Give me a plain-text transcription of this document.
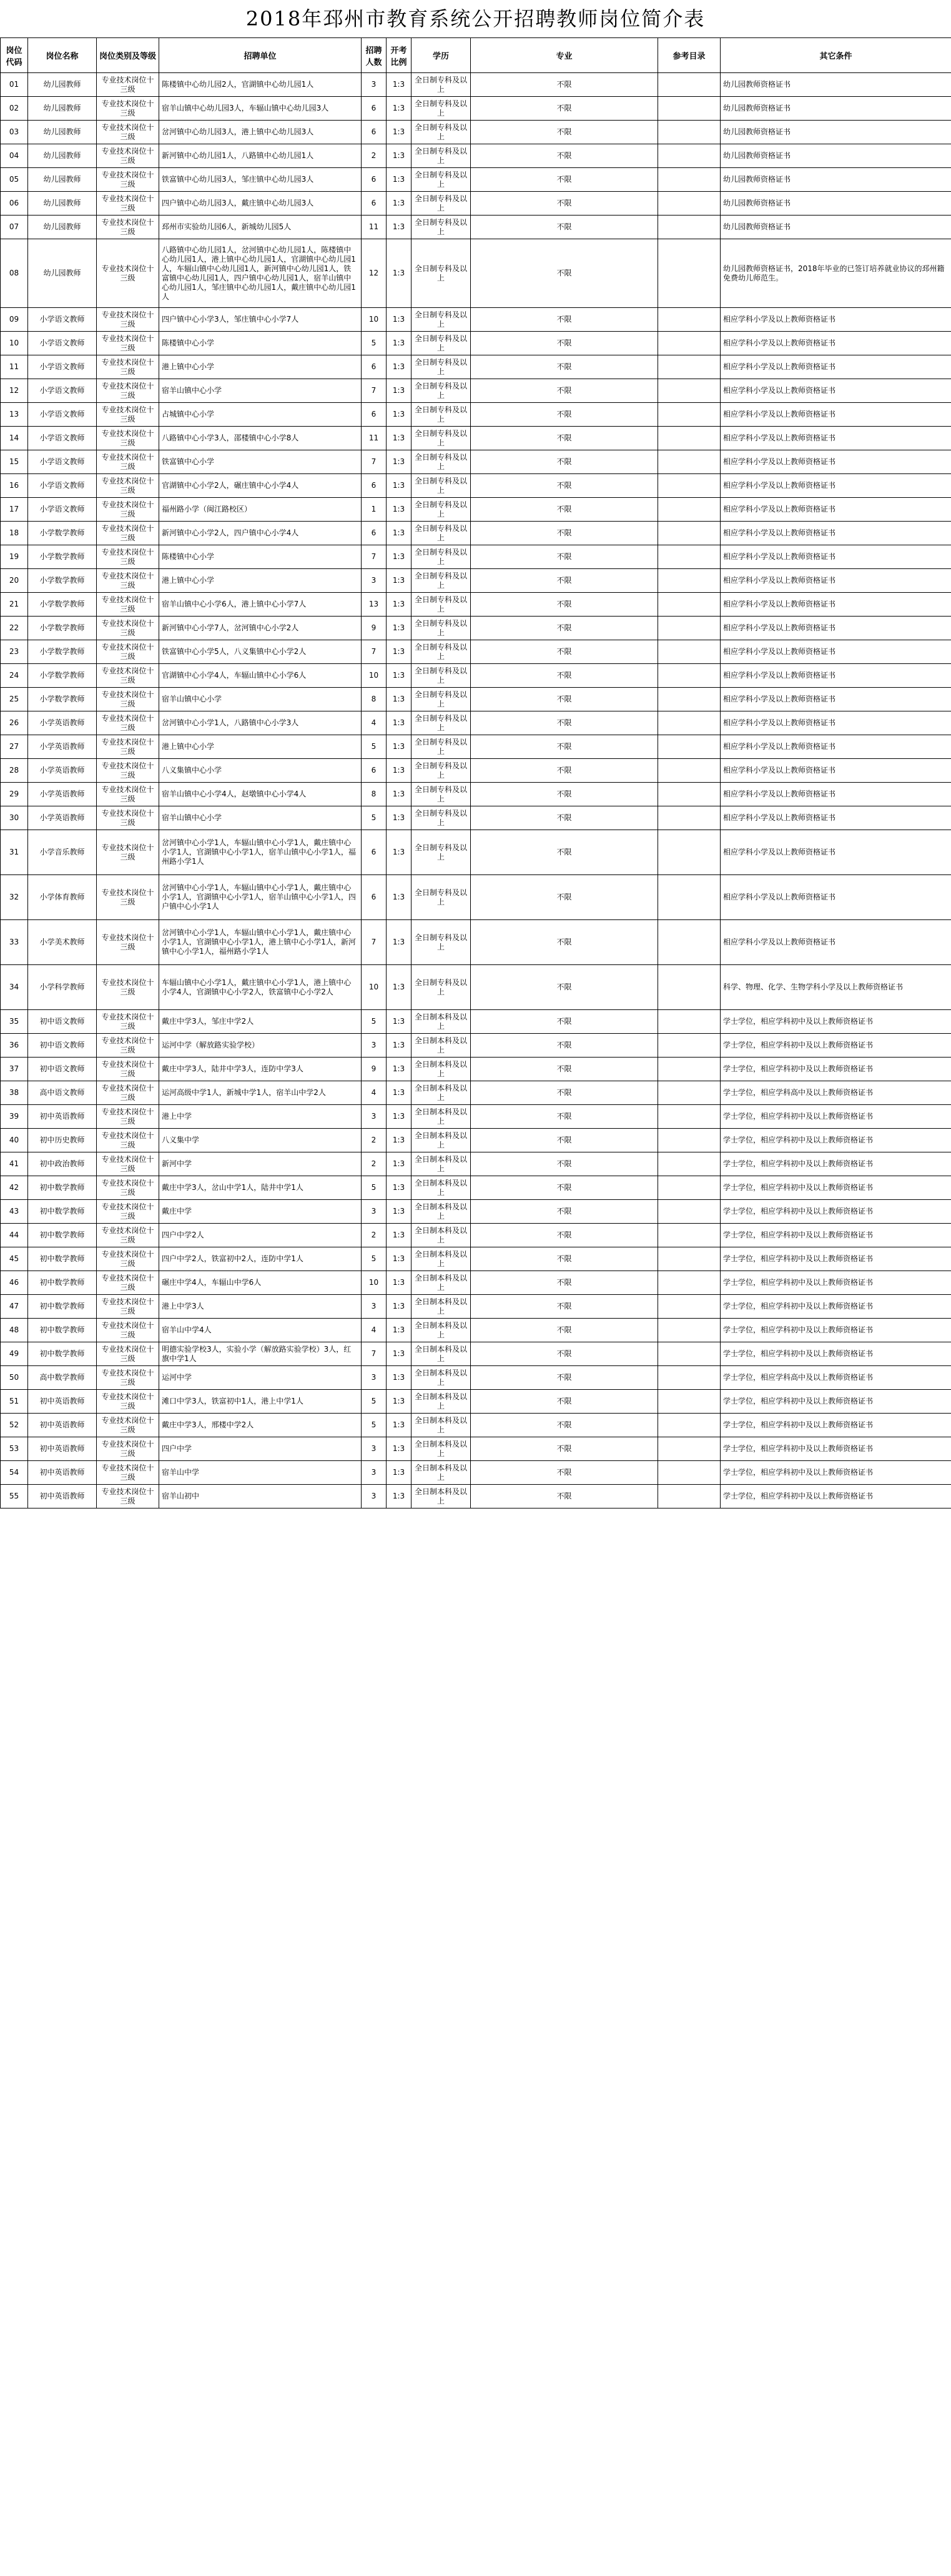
2018年邳州市教育系统公开招聘教师岗位简介表
岗位代码	岗位名称	岗位类别及等级	招聘单位	招聘人数	开考比例	学历	专业	参考目录	其它条件
01	幼儿园教师	专业技术岗位十三级	陈楼镇中心幼儿园2人，官湖镇中心幼儿园1人	3	1:3	全日制专科及以上	不限		幼儿园教师资格证书
02	幼儿园教师	专业技术岗位十三级	宿羊山镇中心幼儿园3人，车辐山镇中心幼儿园3人	6	1:3	全日制专科及以上	不限		幼儿园教师资格证书
03	幼儿园教师	专业技术岗位十三级	岔河镇中心幼儿园3人，港上镇中心幼儿园3人	6	1:3	全日制专科及以上	不限		幼儿园教师资格证书
04	幼儿园教师	专业技术岗位十三级	新河镇中心幼儿园1人，八路镇中心幼儿园1人	2	1:3	全日制专科及以上	不限		幼儿园教师资格证书
05	幼儿园教师	专业技术岗位十三级	铁富镇中心幼儿园3人，邹庄镇中心幼儿园3人	6	1:3	全日制专科及以上	不限		幼儿园教师资格证书
06	幼儿园教师	专业技术岗位十三级	四户镇中心幼儿园3人，戴庄镇中心幼儿园3人	6	1:3	全日制专科及以上	不限		幼儿园教师资格证书
07	幼儿园教师	专业技术岗位十三级	邳州市实验幼儿园6人，新城幼儿园5人	11	1:3	全日制专科及以上	不限		幼儿园教师资格证书
08	幼儿园教师	专业技术岗位十三级	八路镇中心幼儿园1人，岔河镇中心幼儿园1人，陈楼镇中心幼儿园1人，港上镇中心幼儿园1人，官湖镇中心幼儿园1人，车辐山镇中心幼儿园1人，新河镇中心幼儿园1人，铁富镇中心幼儿园1人，四户镇中心幼儿园1人，宿羊山镇中心幼儿园1人，邹庄镇中心幼儿园1人，戴庄镇中心幼儿园1人	12	1:3	全日制专科及以上	不限		幼儿园教师资格证书，2018年毕业的已签订培养就业协议的邳州籍免费幼儿师范生。
09	小学语文教师	专业技术岗位十三级	四户镇中心小学3人，邹庄镇中心小学7人	10	1:3	全日制专科及以上	不限		相应学科小学及以上教师资格证书
10	小学语文教师	专业技术岗位十三级	陈楼镇中心小学	5	1:3	全日制专科及以上	不限		相应学科小学及以上教师资格证书
11	小学语文教师	专业技术岗位十三级	港上镇中心小学	6	1:3	全日制专科及以上	不限		相应学科小学及以上教师资格证书
12	小学语文教师	专业技术岗位十三级	宿羊山镇中心小学	7	1:3	全日制专科及以上	不限		相应学科小学及以上教师资格证书
13	小学语文教师	专业技术岗位十三级	占城镇中心小学	6	1:3	全日制专科及以上	不限		相应学科小学及以上教师资格证书
14	小学语文教师	专业技术岗位十三级	八路镇中心小学3人，邵楼镇中心小学8人	11	1:3	全日制专科及以上	不限		相应学科小学及以上教师资格证书
15	小学语文教师	专业技术岗位十三级	铁富镇中心小学	7	1:3	全日制专科及以上	不限		相应学科小学及以上教师资格证书
16	小学语文教师	专业技术岗位十三级	官湖镇中心小学2人，碾庄镇中心小学4人	6	1:3	全日制专科及以上	不限		相应学科小学及以上教师资格证书
17	小学语文教师	专业技术岗位十三级	福州路小学（闽江路校区）	1	1:3	全日制专科及以上	不限		相应学科小学及以上教师资格证书
18	小学数学教师	专业技术岗位十三级	新河镇中心小学2人，四户镇中心小学4人	6	1:3	全日制专科及以上	不限		相应学科小学及以上教师资格证书
19	小学数学教师	专业技术岗位十三级	陈楼镇中心小学	7	1:3	全日制专科及以上	不限		相应学科小学及以上教师资格证书
20	小学数学教师	专业技术岗位十三级	港上镇中心小学	3	1:3	全日制专科及以上	不限		相应学科小学及以上教师资格证书
21	小学数学教师	专业技术岗位十三级	宿羊山镇中心小学6人，港上镇中心小学7人	13	1:3	全日制专科及以上	不限		相应学科小学及以上教师资格证书
22	小学数学教师	专业技术岗位十三级	新河镇中心小学7人，岔河镇中心小学2人	9	1:3	全日制专科及以上	不限		相应学科小学及以上教师资格证书
23	小学数学教师	专业技术岗位十三级	铁富镇中心小学5人，八义集镇中心小学2人	7	1:3	全日制专科及以上	不限		相应学科小学及以上教师资格证书
24	小学数学教师	专业技术岗位十三级	官湖镇中心小学4人，车辐山镇中心小学6人	10	1:3	全日制专科及以上	不限		相应学科小学及以上教师资格证书
25	小学数学教师	专业技术岗位十三级	宿羊山镇中心小学	8	1:3	全日制专科及以上	不限		相应学科小学及以上教师资格证书
26	小学英语教师	专业技术岗位十三级	岔河镇中心小学1人，八路镇中心小学3人	4	1:3	全日制专科及以上	不限		相应学科小学及以上教师资格证书
27	小学英语教师	专业技术岗位十三级	港上镇中心小学	5	1:3	全日制专科及以上	不限		相应学科小学及以上教师资格证书
28	小学英语教师	专业技术岗位十三级	八义集镇中心小学	6	1:3	全日制专科及以上	不限		相应学科小学及以上教师资格证书
29	小学英语教师	专业技术岗位十三级	宿羊山镇中心小学4人，赵墩镇中心小学4人	8	1:3	全日制专科及以上	不限		相应学科小学及以上教师资格证书
30	小学英语教师	专业技术岗位十三级	宿羊山镇中心小学	5	1:3	全日制专科及以上	不限		相应学科小学及以上教师资格证书
31	小学音乐教师	专业技术岗位十三级	岔河镇中心小学1人，车辐山镇中心小学1人，戴庄镇中心小学1人，官湖镇中心小学1人，宿羊山镇中心小学1人，福州路小学1人	6	1:3	全日制专科及以上	不限		相应学科小学及以上教师资格证书
32	小学体育教师	专业技术岗位十三级	岔河镇中心小学1人，车辐山镇中心小学1人，戴庄镇中心小学1人，官湖镇中心小学1人，宿羊山镇中心小学1人，四户镇中心小学1人	6	1:3	全日制专科及以上	不限		相应学科小学及以上教师资格证书
33	小学美术教师	专业技术岗位十三级	岔河镇中心小学1人，车辐山镇中心小学1人，戴庄镇中心小学1人，官湖镇中心小学1人，港上镇中心小学1人，新河镇中心小学1人，福州路小学1人	7	1:3	全日制专科及以上	不限		相应学科小学及以上教师资格证书
34	小学科学教师	专业技术岗位十三级	车辐山镇中心小学1人，戴庄镇中心小学1人，港上镇中心小学4人，官湖镇中心小学2人，铁富镇中心小学2人	10	1:3	全日制专科及以上	不限		科学、物理、化学、生物学科小学及以上教师资格证书
35	初中语文教师	专业技术岗位十三级	戴庄中学3人，邹庄中学2人	5	1:3	全日制本科及以上	不限		学士学位，相应学科初中及以上教师资格证书
36	初中语文教师	专业技术岗位十三级	运河中学（解放路实验学校）	3	1:3	全日制本科及以上	不限		学士学位，相应学科初中及以上教师资格证书
37	初中语文教师	专业技术岗位十三级	戴庄中学3人，陆井中学3人，连防中学3人	9	1:3	全日制本科及以上	不限		学士学位，相应学科初中及以上教师资格证书
38	高中语文教师	专业技术岗位十三级	运河高级中学1人，新城中学1人，宿羊山中学2人	4	1:3	全日制本科及以上	不限		学士学位，相应学科高中及以上教师资格证书
39	初中英语教师	专业技术岗位十三级	港上中学	3	1:3	全日制本科及以上	不限		学士学位，相应学科初中及以上教师资格证书
40	初中历史教师	专业技术岗位十三级	八义集中学	2	1:3	全日制本科及以上	不限		学士学位，相应学科初中及以上教师资格证书
41	初中政治教师	专业技术岗位十三级	新河中学	2	1:3	全日制本科及以上	不限		学士学位，相应学科初中及以上教师资格证书
42	初中数学教师	专业技术岗位十三级	戴庄中学3人，岔山中学1人，陆井中学1人	5	1:3	全日制本科及以上	不限		学士学位，相应学科初中及以上教师资格证书
43	初中数学教师	专业技术岗位十三级	戴庄中学	3	1:3	全日制本科及以上	不限		学士学位，相应学科初中及以上教师资格证书
44	初中数学教师	专业技术岗位十三级	四户中学2人	2	1:3	全日制本科及以上	不限		学士学位，相应学科初中及以上教师资格证书
45	初中数学教师	专业技术岗位十三级	四户中学2人，铁富初中2人，连防中学1人	5	1:3	全日制本科及以上	不限		学士学位，相应学科初中及以上教师资格证书
46	初中数学教师	专业技术岗位十三级	碾庄中学4人，车辐山中学6人	10	1:3	全日制本科及以上	不限		学士学位，相应学科初中及以上教师资格证书
47	初中数学教师	专业技术岗位十三级	港上中学3人	3	1:3	全日制本科及以上	不限		学士学位，相应学科初中及以上教师资格证书
48	初中数学教师	专业技术岗位十三级	宿羊山中学4人	4	1:3	全日制本科及以上	不限		学士学位，相应学科初中及以上教师资格证书
49	初中数学教师	专业技术岗位十三级	明德实验学校3人，实验小学（解放路实验学校）3人，红旗中学1人	7	1:3	全日制本科及以上	不限		学士学位，相应学科初中及以上教师资格证书
50	高中数学教师	专业技术岗位十三级	运河中学	3	1:3	全日制本科及以上	不限		学士学位，相应学科高中及以上教师资格证书
51	初中英语教师	专业技术岗位十三级	滩口中学3人，铁富初中1人，港上中学1人	5	1:3	全日制本科及以上	不限		学士学位，相应学科初中及以上教师资格证书
52	初中英语教师	专业技术岗位十三级	戴庄中学3人，邢楼中学2人	5	1:3	全日制本科及以上	不限		学士学位，相应学科初中及以上教师资格证书
53	初中英语教师	专业技术岗位十三级	四户中学	3	1:3	全日制本科及以上	不限		学士学位，相应学科初中及以上教师资格证书
54	初中英语教师	专业技术岗位十三级	宿羊山中学	3	1:3	全日制本科及以上	不限		学士学位，相应学科初中及以上教师资格证书
55	初中英语教师	专业技术岗位十三级	宿羊山初中	3	1:3	全日制本科及以上	不限		学士学位，相应学科初中及以上教师资格证书
